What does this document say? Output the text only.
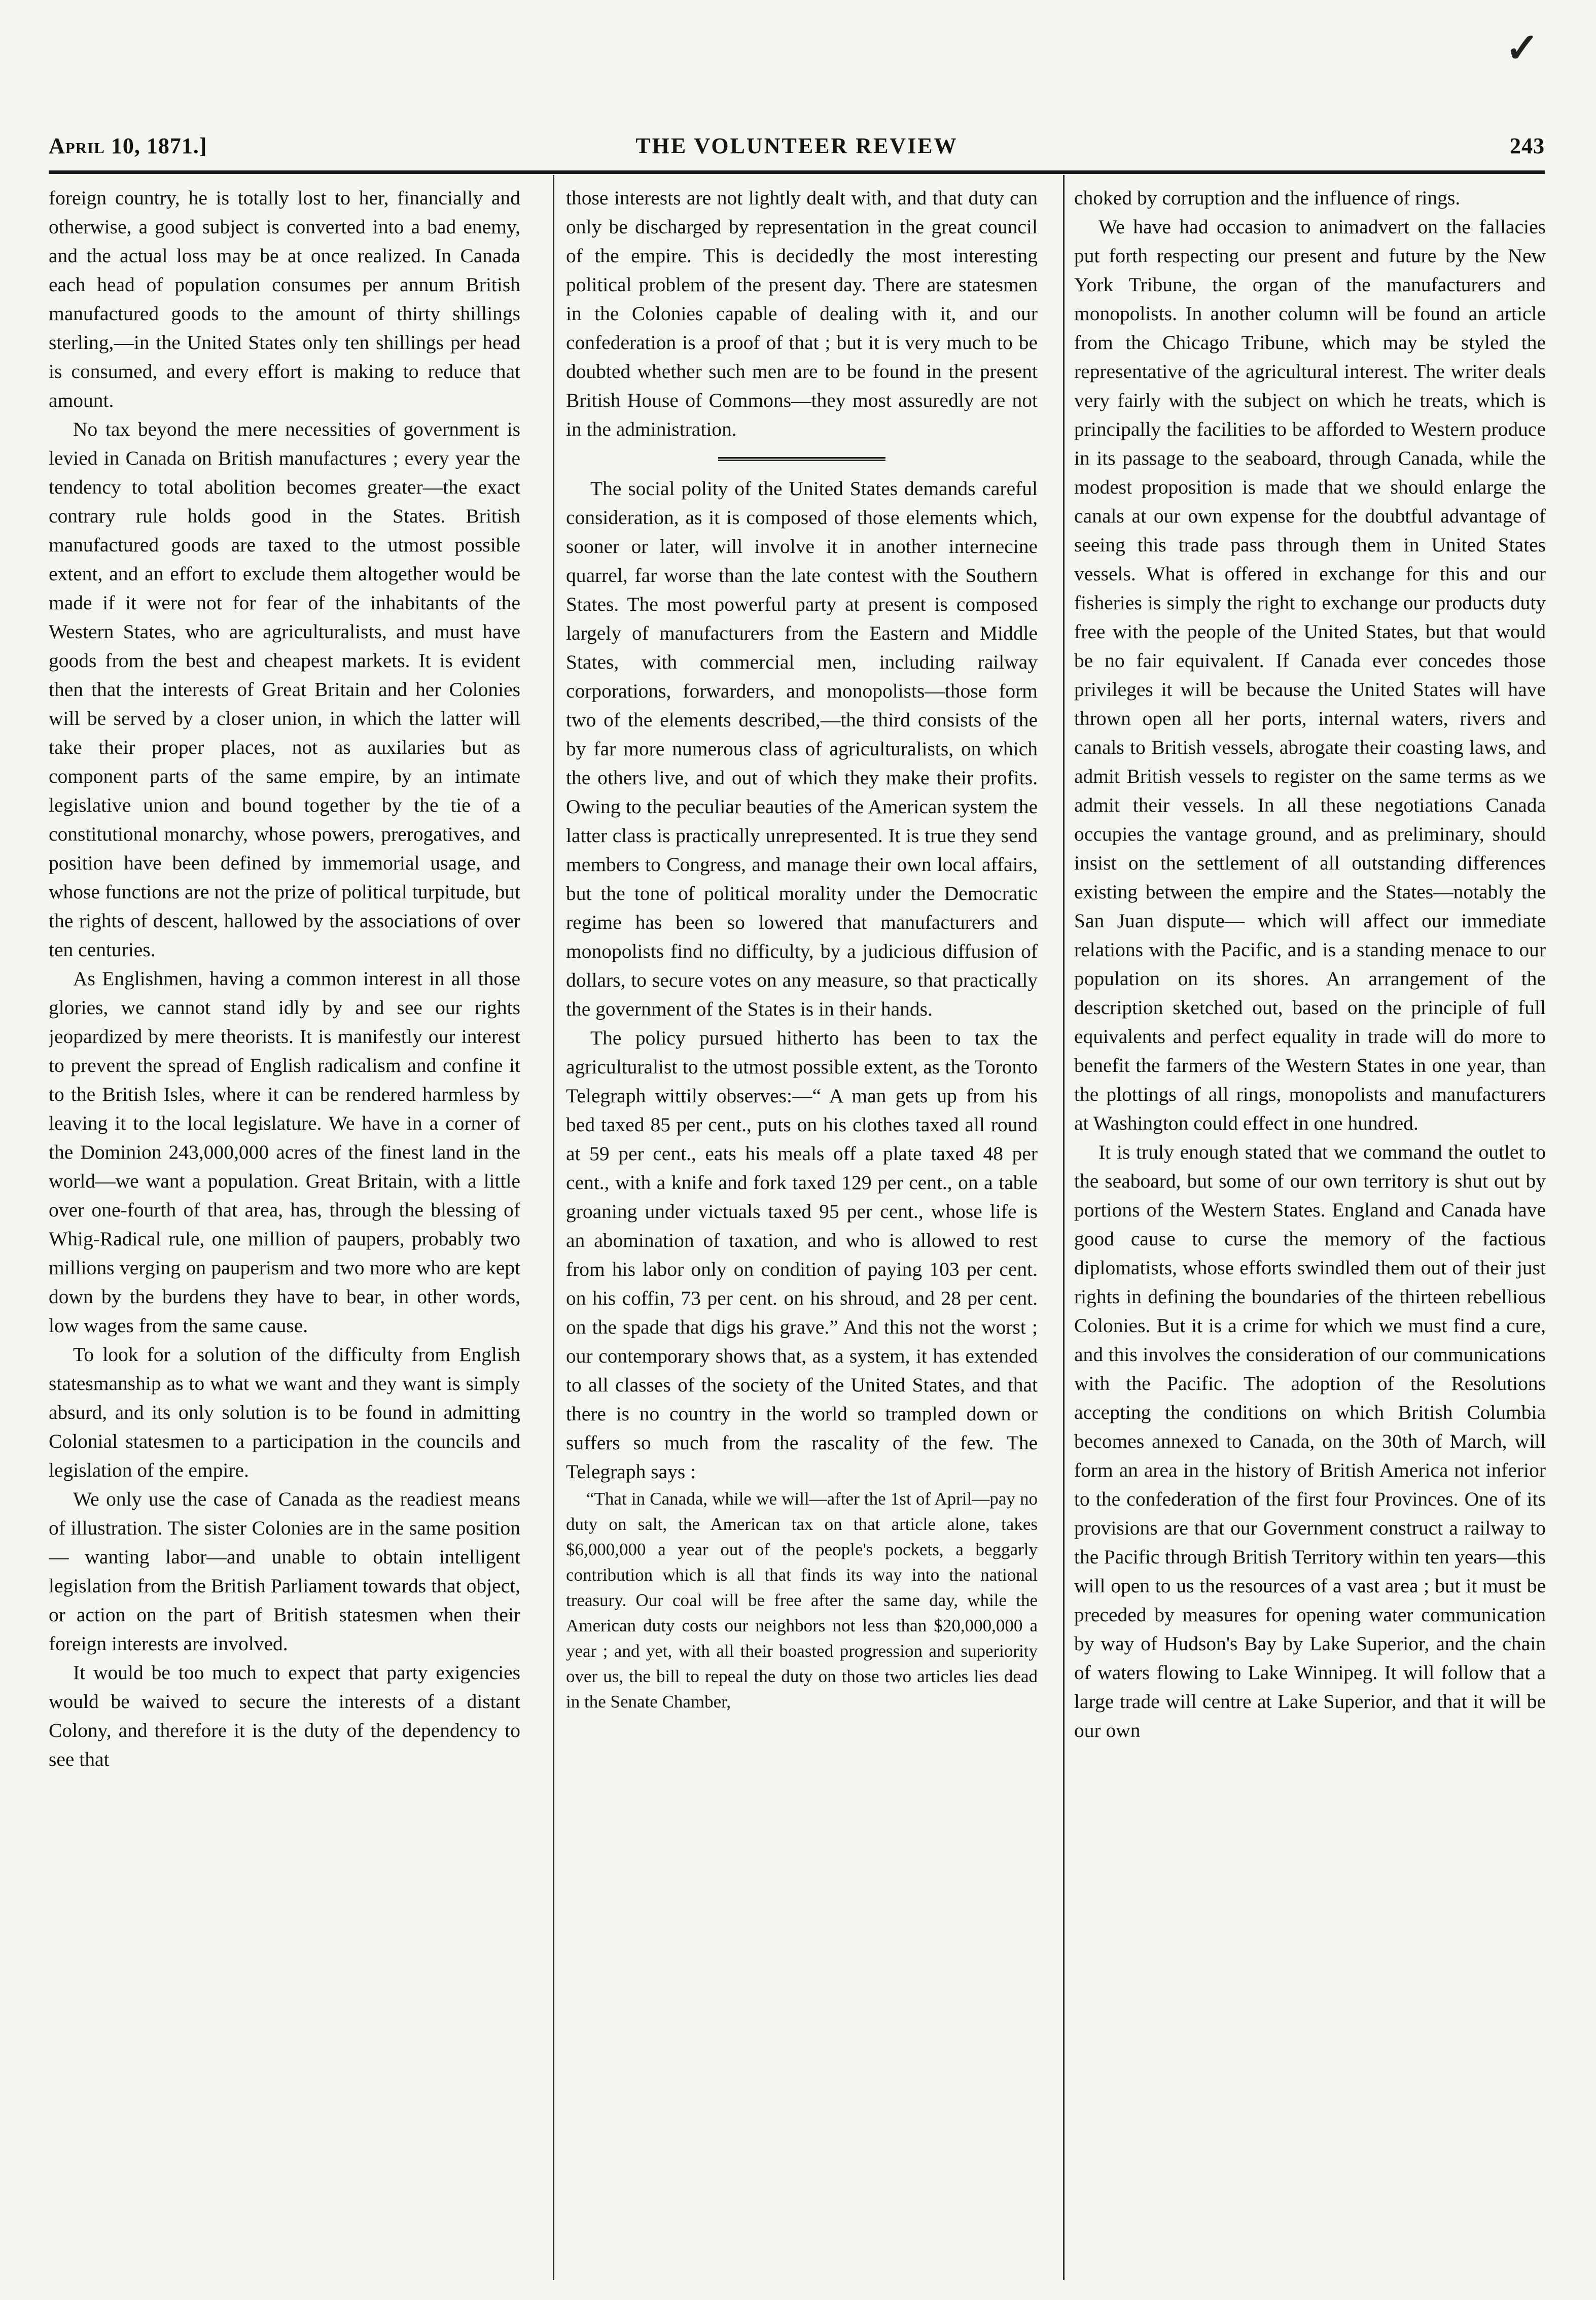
✓
THE VOLUNTEER REVIEW
April 10, 1871.]	243

foreign country, he is totally lost to her, financially and otherwise, a good subject is converted into a bad enemy, and the actual loss may be at once realized. In Canada each head of population consumes per annum British manufactured goods to the amount of thirty shillings sterling,—in the United States only ten shillings per head is consumed, and every effort is making to reduce that amount.

No tax beyond the mere necessities of government is levied in Canada on British manufactures ; every year the tendency to total abolition becomes greater—the exact contrary rule holds good in the States. British manufactured goods are taxed to the utmost possible extent, and an effort to exclude them altogether would be made if it were not for fear of the inhabitants of the Western States, who are agriculturalists, and must have goods from the best and cheapest markets. It is evident then that the interests of Great Britain and her Colonies will be served by a closer union, in which the latter will take their proper places, not as auxilaries but as component parts of the same empire, by an intimate legislative union and bound together by the tie of a constitutional monarchy, whose powers, prerogatives, and position have been defined by immemorial usage, and whose functions are not the prize of political turpitude, but the rights of descent, hallowed by the associations of over ten centuries.

As Englishmen, having a common interest in all those glories, we cannot stand idly by and see our rights jeopardized by mere theorists. It is manifestly our interest to prevent the spread of English radicalism and confine it to the British Isles, where it can be rendered harmless by leaving it to the local legislature. We have in a corner of the Dominion 243,000,000 acres of the finest land in the world—we want a population. Great Britain, with a little over one-fourth of that area, has, through the blessing of Whig-Radical rule, one million of paupers, probably two millions verging on pauperism and two more who are kept down by the burdens they have to bear, in other words, low wages from the same cause.

To look for a solution of the difficulty from English statesmanship as to what we want and they want is simply absurd, and its only solution is to be found in admitting Colonial statesmen to a participation in the councils and legislation of the empire.

We only use the case of Canada as the readiest means of illustration. The sister Colonies are in the same position— wanting labor—and unable to obtain intelligent legislation from the British Parliament towards that object, or action on the part of British statesmen when their foreign interests are involved.

It would be too much to expect that party exigencies would be waived to secure the interests of a distant Colony, and therefore it is the duty of the dependency to see that

those interests are not lightly dealt with, and that duty can only be discharged by representation in the great council of the empire. This is decidedly the most interesting political problem of the present day. There are statesmen in the Colonies capable of dealing with it, and our confederation is a proof of that ; but it is very much to be doubted whether such men are to be found in the present British House of Commons—they most assuredly are not in the administration.

The social polity of the United States demands careful consideration, as it is composed of those elements which, sooner or later, will involve it in another internecine quarrel, far worse than the late contest with the Southern States. The most powerful party at present is composed largely of manufacturers from the Eastern and Middle States, with commercial men, including railway corporations, forwarders, and monopolists—those form two of the elements described,—the third consists of the by far more numerous class of agriculturalists, on which the others live, and out of which they make their profits. Owing to the peculiar beauties of the American system the latter class is practically unrepresented. It is true they send members to Congress, and manage their own local affairs, but the tone of political morality under the Democratic regime has been so lowered that manufacturers and monopolists find no difficulty, by a judicious diffusion of dollars, to secure votes on any measure, so that practically the government of the States is in their hands.

The policy pursued hitherto has been to tax the agriculturalist to the utmost possible extent, as the Toronto Telegraph wittily observes:—“ A man gets up from his bed taxed 85 per cent., puts on his clothes taxed all round at 59 per cent., eats his meals off a plate taxed 48 per cent., with a knife and fork taxed 129 per cent., on a table groaning under victuals taxed 95 per cent., whose life is an abomination of taxation, and who is allowed to rest from his labor only on condition of paying 103 per cent. on his coffin, 73 per cent. on his shroud, and 28 per cent. on the spade that digs his grave.” And this not the worst ; our contemporary shows that, as a system, it has extended to all classes of the society of the United States, and that there is no country in the world so trampled down or suffers so much from the rascality of the few. The Telegraph says :

“That in Canada, while we will—after the 1st of April—pay no duty on salt, the American tax on that article alone, takes $6,000,000 a year out of the people's pockets, a beggarly contribution which is all that finds its way into the national treasury. Our coal will be free after the same day, while the American duty costs our neighbors not less than $20,000,000 a year ; and yet, with all their boasted progression and superiority over us, the bill to repeal the duty on those two articles lies dead in the Senate Chamber,

choked by corruption and the influence of rings.

We have had occasion to animadvert on the fallacies put forth respecting our present and future by the New York Tribune, the organ of the manufacturers and monopolists. In another column will be found an article from the Chicago Tribune, which may be styled the representative of the agricultural interest. The writer deals very fairly with the subject on which he treats, which is principally the facilities to be afforded to Western produce in its passage to the seaboard, through Canada, while the modest proposition is made that we should enlarge the canals at our own expense for the doubtful advantage of seeing this trade pass through them in United States vessels. What is offered in exchange for this and our fisheries is simply the right to exchange our products duty free with the people of the United States, but that would be no fair equivalent. If Canada ever concedes those privileges it will be because the United States will have thrown open all her ports, internal waters, rivers and canals to British vessels, abrogate their coasting laws, and admit British vessels to register on the same terms as we admit their vessels. In all these negotiations Canada occupies the vantage ground, and as preliminary, should insist on the settlement of all outstanding differences existing between the empire and the States—notably the San Juan dispute— which will affect our immediate relations with the Pacific, and is a standing menace to our population on its shores. An arrangement of the description sketched out, based on the principle of full equivalents and perfect equality in trade will do more to benefit the farmers of the Western States in one year, than the plottings of all rings, monopolists and manufacturers at Washington could effect in one hundred.

It is truly enough stated that we command the outlet to the seaboard, but some of our own territory is shut out by portions of the Western States. England and Canada have good cause to curse the memory of the factious diplomatists, whose efforts swindled them out of their just rights in defining the boundaries of the thirteen rebellious Colonies. But it is a crime for which we must find a cure, and this involves the consideration of our communications with the Pacific. The adoption of the Resolutions accepting the conditions on which British Columbia becomes annexed to Canada, on the 30th of March, will form an area in the history of British America not inferior to the confederation of the first four Provinces. One of its provisions are that our Government construct a railway to the Pacific through British Territory within ten years—this will open to us the resources of a vast area ; but it must be preceded by measures for opening water communication by way of Hudson's Bay by Lake Superior, and the chain of waters flowing to Lake Winnipeg. It will follow that a large trade will centre at Lake Superior, and that it will be our own
